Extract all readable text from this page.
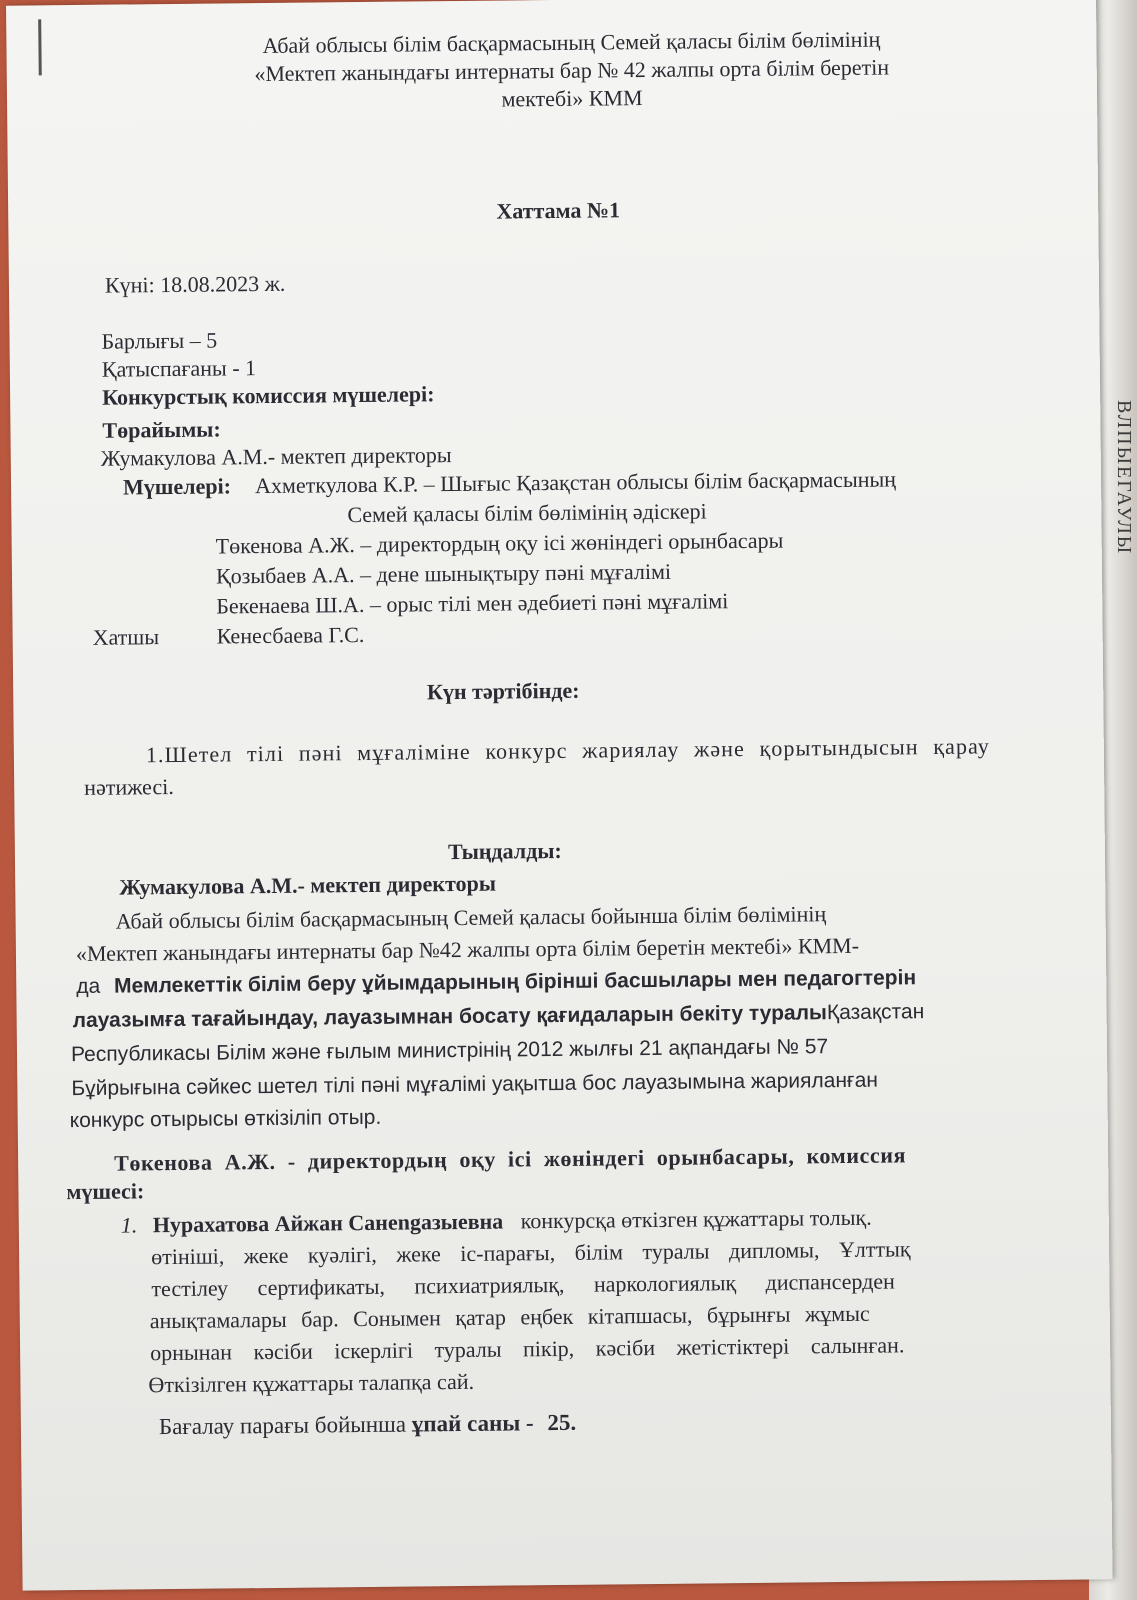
ВЛПЫЕГАУЛЫ
Абай облысы білім басқармасының Семей қаласы білім бөлімінің
«Мектеп жанындағы интернаты бар № 42 жалпы орта білім беретін
мектебі» КММ
Хаттама №1
Күні: 18.08.2023 ж.
Барлығы – 5
Қатыспағаны - 1
Конкурстық комиссия мүшелері:
Төрайымы:
Жумакулова А.М.- мектеп директоры
Мүшелері: Ахметкулова К.Р. – Шығыс Қазақстан облысы білім басқармасының
Семей қаласы білім бөлімінің әдіскері
Төкенова А.Ж. – директордың оқу ісі жөніндегі орынбасары
Қозыбаев А.А. – дене шынықтыру пәні мұғалімі
Бекенаева Ш.А. – орыс тілі мен әдебиеті пәні мұғалімі
Хатшы	Кенесбаева Г.С.
Күн тәртібінде:
1.Шетел тілі пәні мұғаліміне конкурс жариялау және қорытындысын қарау
нәтижесі.
Тыңдалды:
Жумакулова А.М.- мектеп директоры
Абай облысы білім басқармасының Семей қаласы бойынша білім бөлімінің
«Мектеп жанындағы интернаты бар №42 жалпы орта білім беретін мектебі» КММ-
да Мемлекеттік білім беру ұйымдарының бірінші басшылары мен педагогтерін
лауазымға тағайындау, лауазымнан босату қағидаларын бекіту туралыҚазақстан
Республикасы Білім және ғылым министрінің 2012 жылғы 21 ақпандағы № 57
Бұйрығына сәйкес шетел тілі пәні мұғалімі уақытша бос лауазымына жарияланған
конкурс отырысы өткізіліп отыр.
Төкенова А.Ж. - директордың оқу ісі жөніндегі орынбасары, комиссия
мүшесі:
1. Нурахатова Айжан Санengазыевна конкурсқа өткізген құжаттары толық.
өтініші, жеке куәлігі, жеке іс-парағы, білім туралы дипломы, Ұлттық
тестілеу сертификаты, психиатриялық, наркологиялық диспансерден
анықтамалары бар. Сонымен қатар еңбек кітапшасы, бұрынғы жұмыс
орнынан кәсіби іскерлігі туралы пікір, кәсіби жетістіктері салынған.
Өткізілген құжаттары талапқа сай.
Бағалау парағы бойынша ұпай саны - 25.
